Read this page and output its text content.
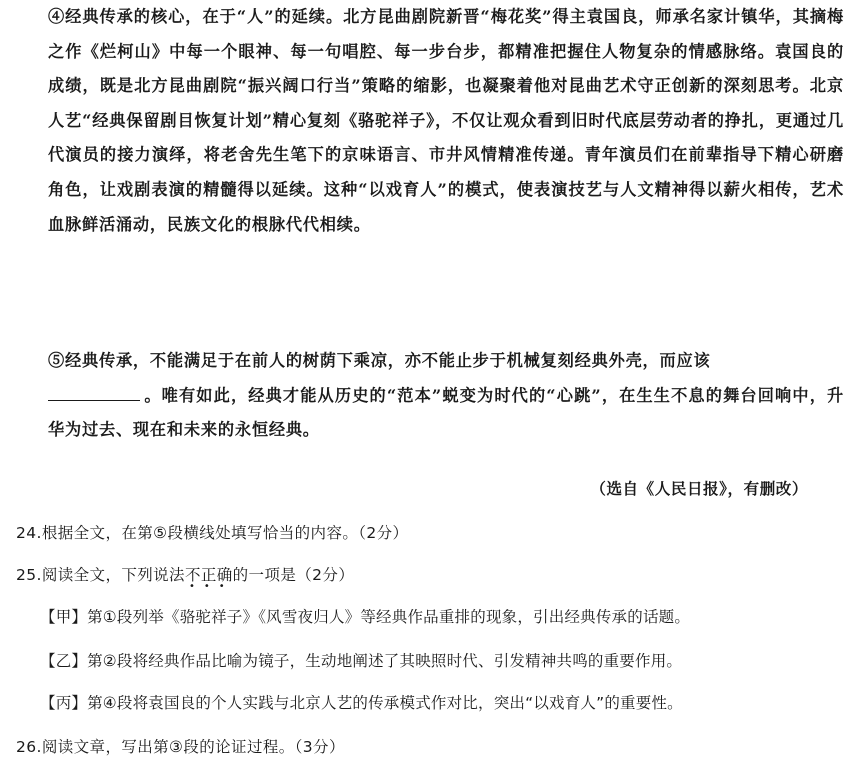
④经典传承的核心，在于“人”的延续。北方昆曲剧院新晋“梅花奖”得主袁国良，师承名家计镇华，其摘梅之作《烂柯山》中每一个眼神、每一句唱腔、每一步台步，都精准把握住人物复杂的情感脉络。袁国良的成绩，既是北方昆曲剧院“振兴阔口行当”策略的缩影，也凝聚着他对昆曲艺术守正创新的深刻思考。北京人艺“经典保留剧目恢复计划”精心复刻《骆驼祥子》，不仅让观众看到旧时代底层劳动者的挣扎，更通过几代演员的接力演绎，将老舍先生笔下的京味语言、市井风情精准传递。青年演员们在前辈指导下精心研磨角色，让戏剧表演的精髓得以延续。这种“以戏育人”的模式，使表演技艺与人文精神得以薪火相传，艺术血脉鲜活涌动，民族文化的根脉代代相续。
⑤经典传承，不能满足于在前人的树荫下乘凉，亦不能止步于机械复刻经典外壳，而应该
。唯有如此，经典才能从历史的“范本”蜕变为时代的“心跳”，在生生不息的舞台回响中，升华为过去、现在和未来的永恒经典。
（选自《人民日报》，有删改）
24.根据全文，在第⑤段横线处填写恰当的内容。（2分）
25.阅读全文，下列说法不正确
•••
的一项是（2分）
【甲】第①段列举《骆驼祥子》《风雪夜归人》等经典作品重排的现象，引出经典传承的话题。
【乙】第②段将经典作品比喻为镜子，生动地阐述了其映照时代、引发精神共鸣的重要作用。
【丙】第④段将袁国良的个人实践与北京人艺的传承模式作对比，突出“以戏育人”的重要性。
26.阅读文章，写出第③段的论证过程。（3分）
